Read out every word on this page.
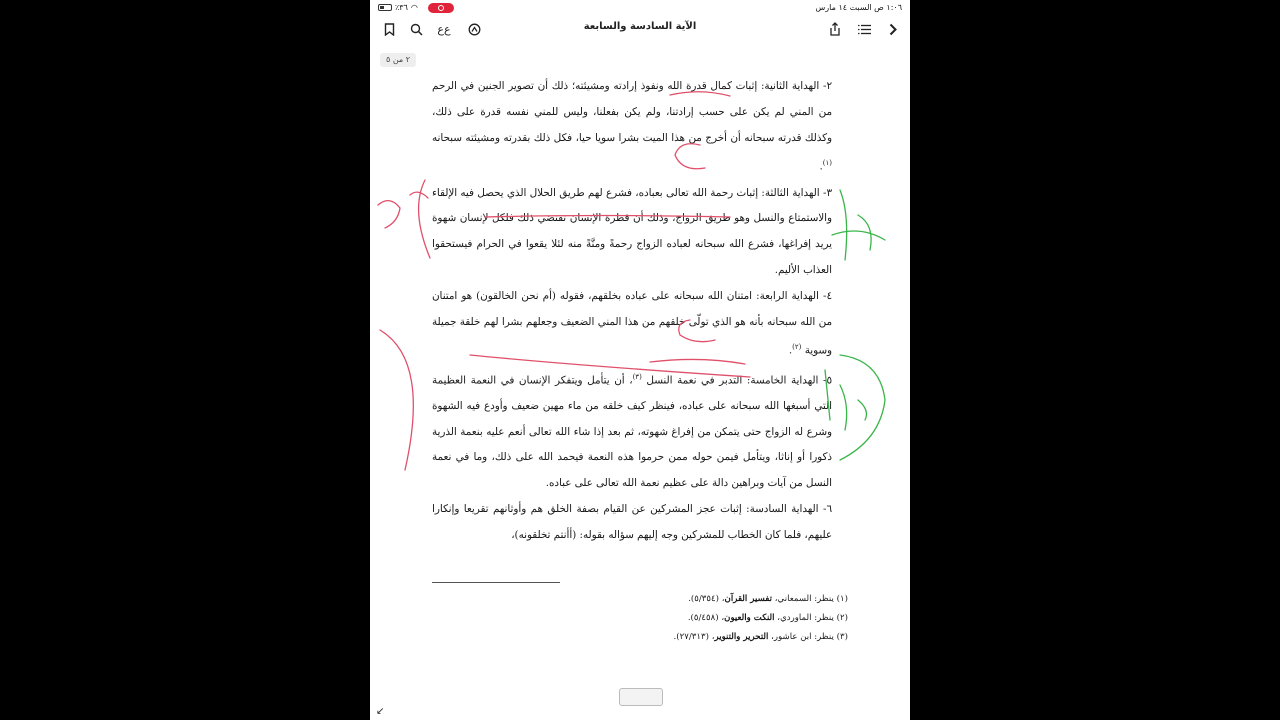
٪٣٦ ◠	١:٠٦ ص السبت ١٤ مارس
ع‌ع	الآية السادسة والسابعة
٢ من ٥

٢- الهداية الثانية: إثبات كمال قدرة الله ونفوذ إرادته ومشيئته؛ ذلك أن تصوير الجنين في الرحم من المني لم يكن على حسب إرادتنا، ولم يكن بفعلنا، وليس للمني نفسه قدرة على ذلك، وكذلك قدرته سبحانه أن أخرج من هذا الميت بشرا سويا حيا، فكل ذلك بقدرته ومشيئته سبحانه $^{(١)}$.

٣- الهداية الثالثة: إثبات رحمة الله تعالى بعباده، فشرع لهم طريق الحلال الذي يحصل فيه الإلقاء والاستمتاع والنسل وهو طريق الزواج، وذلك أن فطرة الإنسان تقتضي ذلك فلكل لإنسان شهوة يريد إفراغها، فشرع الله سبحانه لعباده الزواج رحمةً ومنَّةً منه لئلا يقعوا في الحرام فيستحقوا العذاب الأليم.

٤- الهداية الرابعة: امتنان الله سبحانه على عباده بخلقهم، فقوله (أم نحن الخالقون) هو امتنان من الله سبحانه بأنه هو الذي تولّى خلقهم من هذا المني الضعيف وجعلهم بشرا لهم خلقة جميلة وسوية $^{(٢)}$.

٥- الهداية الخامسة: التدبر في نعمة النسل $^{(٣)}$، أن يتأمل ويتفكر الإنسان في النعمة العظيمة التي أسبغها الله سبحانه على عباده، فينظر كيف خلقه من ماء مهين ضعيف وأودع فيه الشهوة وشرع له الزواج حتى يتمكن من إفراغ شهوته، ثم بعد إذا شاء الله تعالى أنعم عليه بنعمة الذرية ذكورا أو إناثا، ويتأمل فيمن حوله ممن حرموا هذه النعمة فيحمد الله على ذلك، وما في نعمة النسل من آيات وبراهين دالة على عظيم نعمة الله تعالى على عباده.

٦- الهداية السادسة: إثبات عجز المشركين عن القيام بصفة الخلق هم وأوثانهم تقريعا وإنكارا عليهم، فلما كان الخطاب للمشركين وجه إليهم سؤاله بقوله: (أأنتم تخلقونه)،

(١) ينظر: السمعاني، تفسير القرآن، (٥/٣٥٤).
(٢) ينظر: الماوردي، النكت والعيون، (٥/٤٥٨).
(٣) ينظر: ابن عاشور، التحرير والتنوير، (٢٧/٣١٣).
↙
